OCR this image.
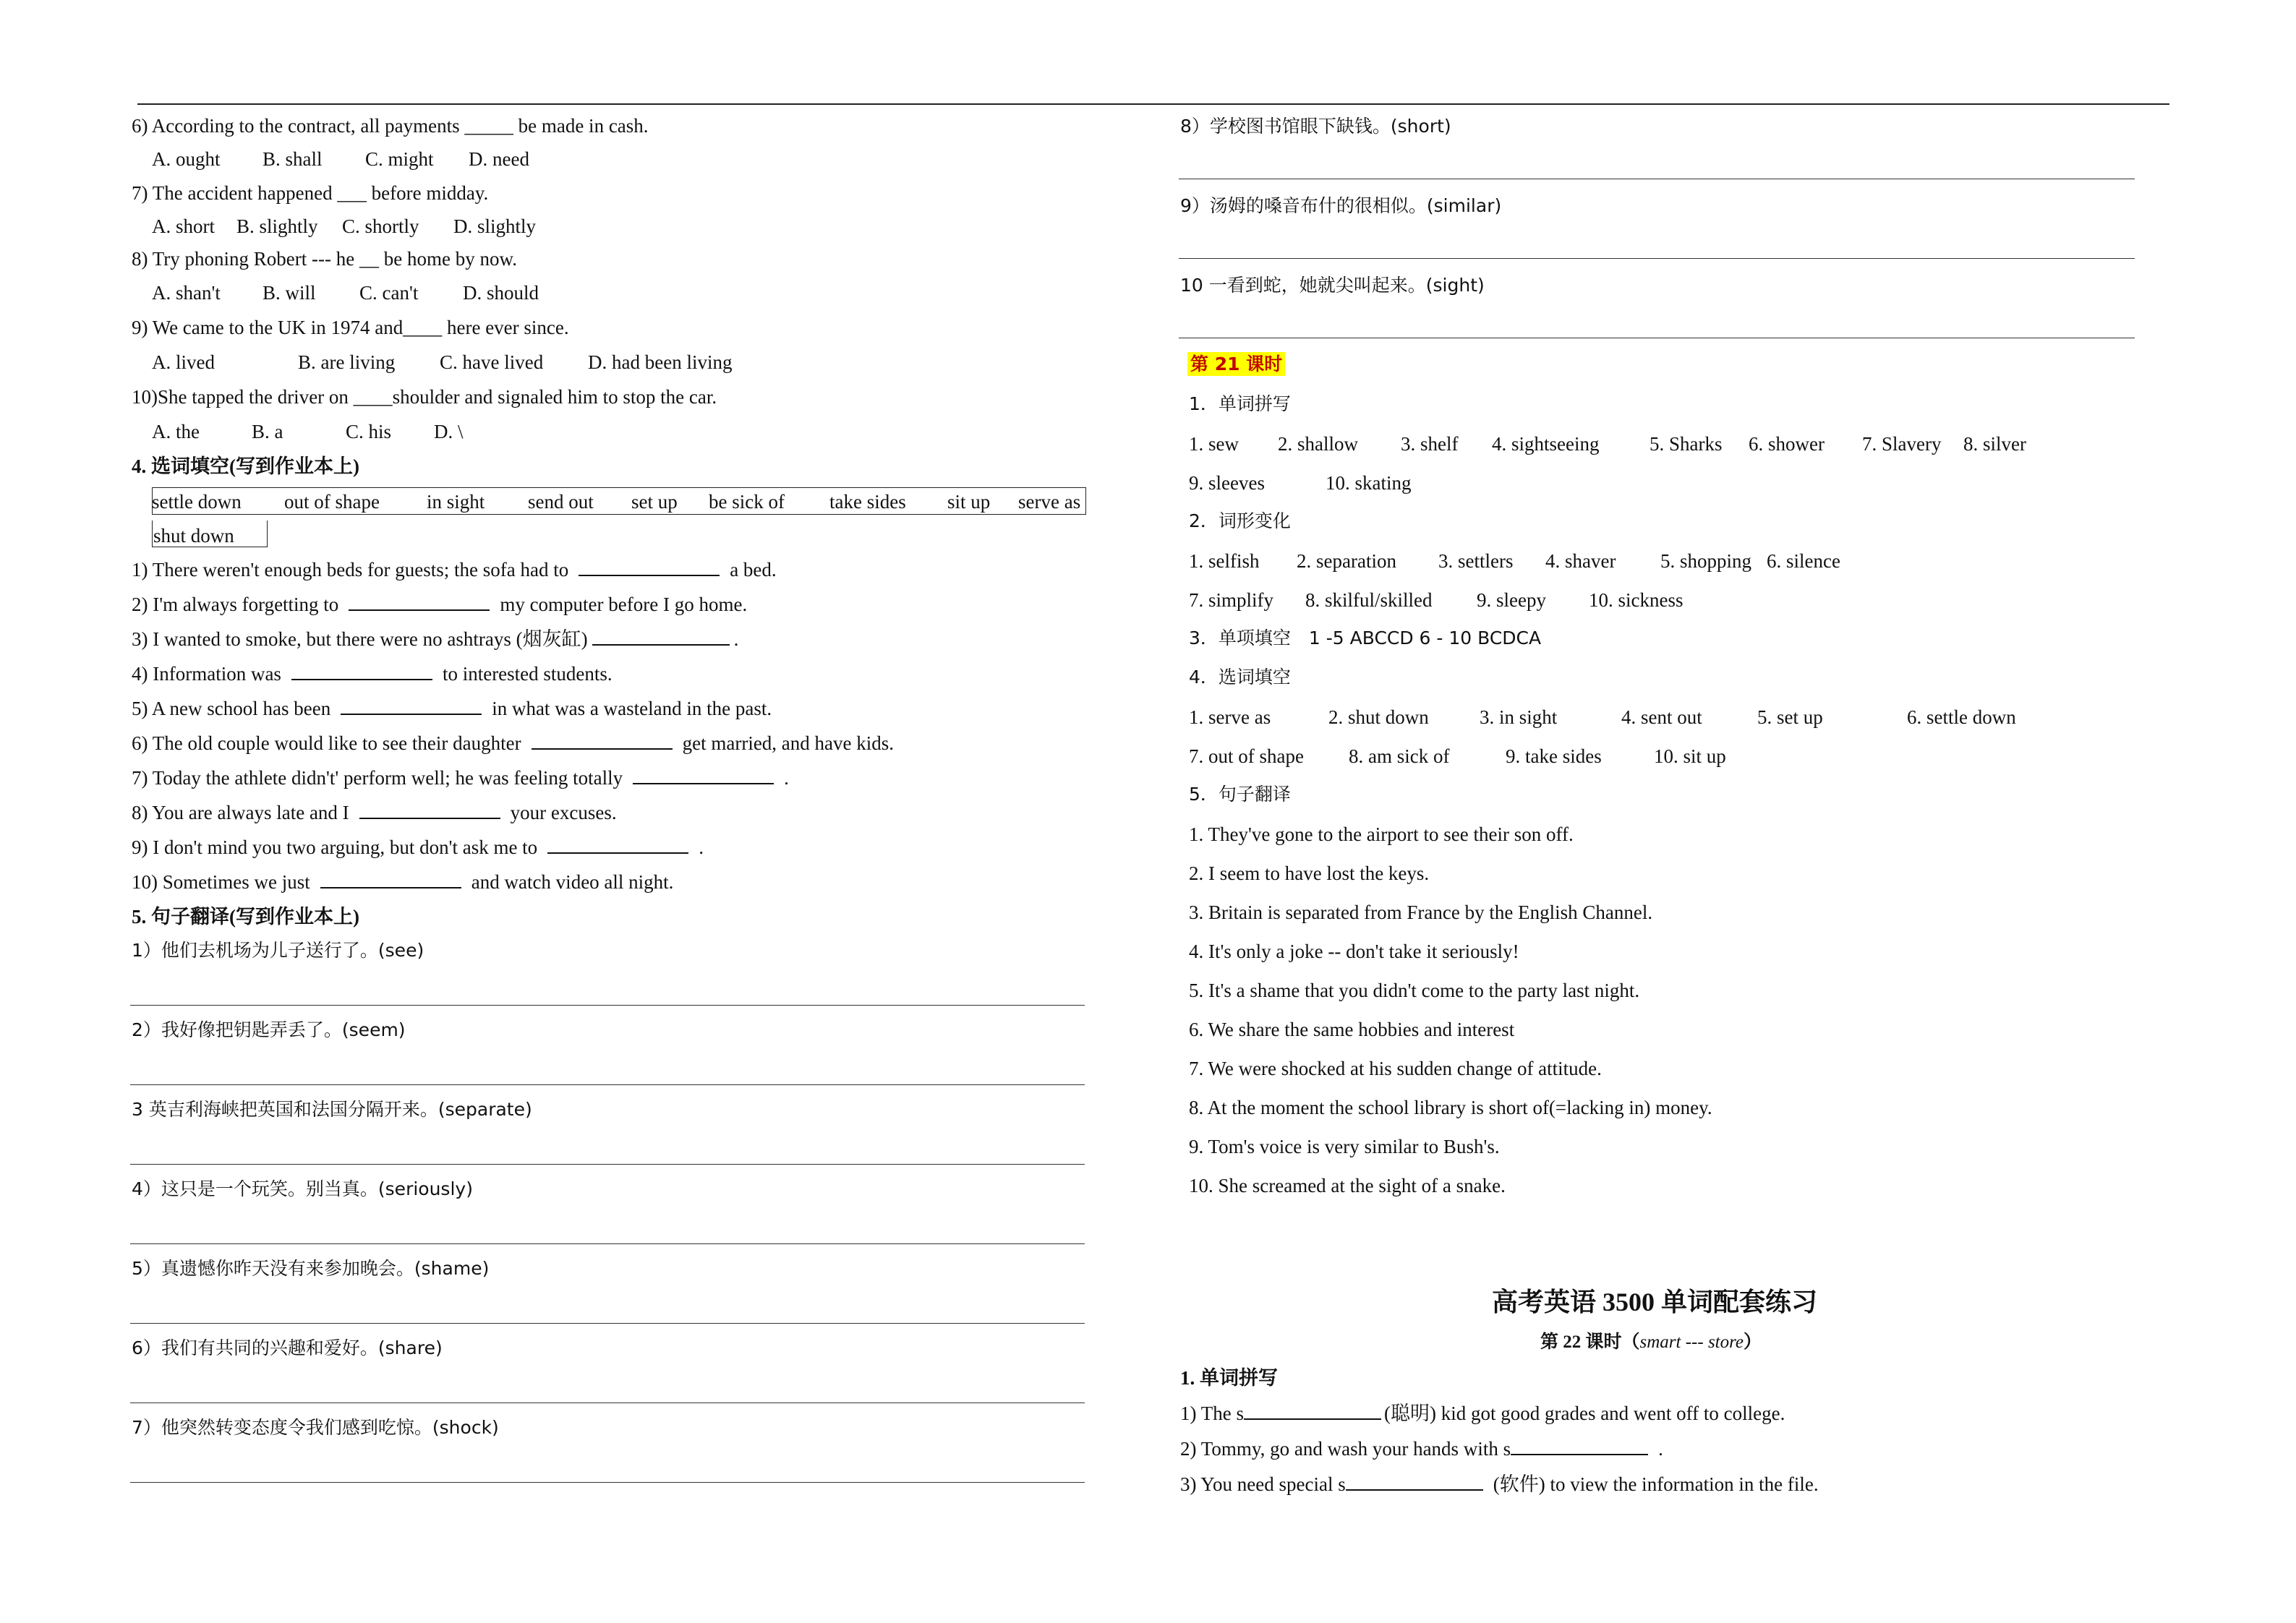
6) According to the contract, all payments _____ be made in cash.
A. ought B. shall C. might D. need
7) The accident happened ___ before midday.
A. short B. slightly C. shortly D. slightly
8) Try phoning Robert --- he __ be home by now.
A. shan't B. will C. can't D. should
9) We came to the UK in 1974 and____ here ever since.
A. lived	B. are living C. have lived D. had been living
10)She tapped the driver on ____shoulder and signaled him to stop the car.
A. the	B. a	C. his D. \
4. 选词填空(写到作业本上)
settle down out of shape in sight send out set up be sick of take sides sit up serve as
shut down
1) There weren't enough beds for guests; the sofa had to	a bed.
2) I'm always forgetting to	my computer before I go home.
3) I wanted to smoke, but there were no ashtrays (烟灰缸)	.
4) Information was	to interested students.
5) A new school has been	in what was a wasteland in the past.
6) The old couple would like to see their daughter	get married, and have kids.
7) Today the athlete didn't' perform well; he was feeling totally	.
8) You are always late and I	your excuses.
9) I don't mind you two arguing, but don't ask me to	.
10) Sometimes we just	and watch video all night.
5. 句子翻译(写到作业本上)
1）他们去机场为儿子送行了。(see)
2）我好像把钥匙弄丢了。(seem)
3 英吉利海峡把英国和法国分隔开来。(separate)
4）这只是一个玩笑。别当真。(seriously)
5）真遗憾你昨天没有来参加晚会。(shame)
6）我们有共同的兴趣和爱好。(share)
7）他突然转变态度令我们感到吃惊。(shock)
8）学校图书馆眼下缺钱。(short)
9）汤姆的嗓音布什的很相似。(similar)
10 一看到蛇，她就尖叫起来。(sight)
第 21 课时
1．单词拼写
1. sew 2. shallow 3. shelf 4. sightseeing	5. Sharks 6. shower 7. Slavery 8. silver
9. sleeves	10. skating
2．词形变化
1. selfish 2. separation 3. settlers 4. shaver 5. shopping 6. silence
7. simplify 8. skilful/skilled 9. sleepy 10. sickness
3．单项填空　1 -5 ABCCD 6 - 10 BCDCA
4．选词填空
1. serve as	2. shut down	3. in sight	4. sent out	5. set up	6. settle down
7. out of shape 8. am sick of	9. take sides	10. sit up
5．句子翻译
1. They've gone to the airport to see their son off.
2. I seem to have lost the keys.
3. Britain is separated from France by the English Channel.
4. It's only a joke -- don't take it seriously!
5. It's a shame that you didn't come to the party last night.
6. We share the same hobbies and interest
7. We were shocked at his sudden change of attitude.
8. At the moment the school library is short of(=lacking in) money.
9. Tom's voice is very similar to Bush's.
10. She screamed at the sight of a snake.
高考英语 3500 单词配套练习
第 22 课时（smart --- store）
1. 单词拼写
1) The s	(聪明) kid got good grades and went off to college.
2) Tommy, go and wash your hands with s	.
3) You need special s	(软件) to view the information in the file.
